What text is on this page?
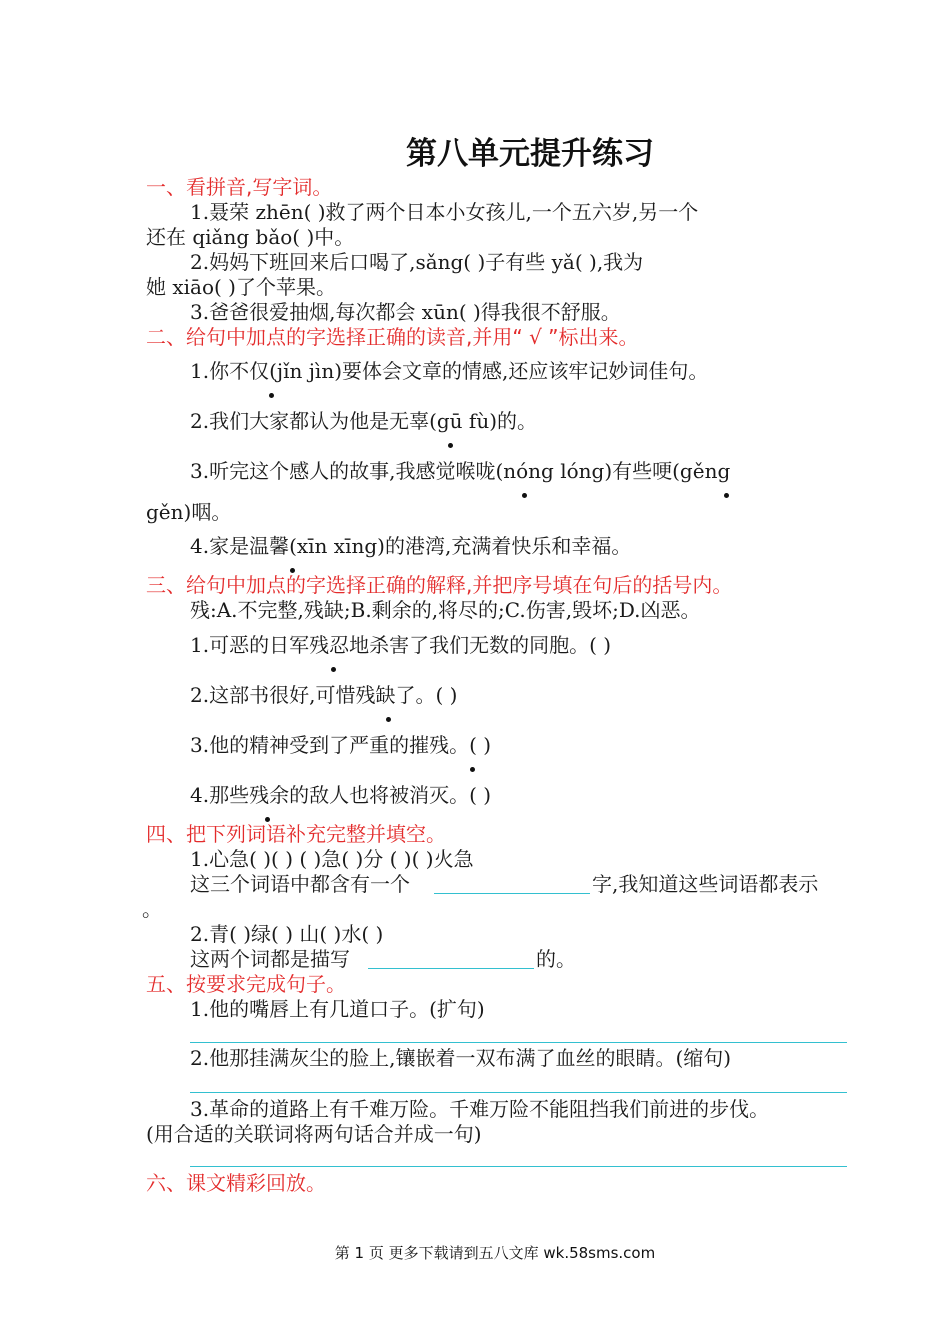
第八单元提升练习
一、看拼音,写字词。
1.聂荣 zhēn( )救了两个日本小女孩儿,一个五六岁,另一个
还在 qiǎng bǎo( )中。
2.妈妈下班回来后口喝了,sǎng( )子有些 yǎ( ),我为
她 xiāo( )了个苹果。
3.爸爸很爱抽烟,每次都会 xūn( )得我很不舒服。
二、给句中加点的字选择正确的读音,并用“ √ ”标出来。
1.你不仅(jǐn jìn)要体会文章的情感,还应该牢记妙词佳句。
2.我们大家都认为他是无辜(gū fù)的。
3.听完这个感人的故事,我感觉喉咙(nóng lóng)有些哽(gěng
gěn)咽。
4.家是温馨(xīn xīng)的港湾,充满着快乐和幸福。
三、给句中加点的字选择正确的解释,并把序号填在句后的括号内。
残:A.不完整,残缺;B.剩余的,将尽的;C.伤害,毁坏;D.凶恶。
1.可恶的日军残忍地杀害了我们无数的同胞。( )
2.这部书很好,可惜残缺了。( )
3.他的精神受到了严重的摧残。( )
4.那些残余的敌人也将被消灭。( )
四、把下列词语补充完整并填空。
1.心急( )( ) ( )急( )分 ( )( )火急
这三个词语中都含有一个	字,我知道这些词语都表示
。
2.青( )绿( ) 山( )水( )
这两个词都是描写	的。
五、按要求完成句子。
1.他的嘴唇上有几道口子。(扩句)
2.他那挂满灰尘的脸上,镶嵌着一双布满了血丝的眼睛。(缩句)
3.革命的道路上有千难万险。千难万险不能阻挡我们前进的步伐。
(用合适的关联词将两句话合并成一句)
六、课文精彩回放。
第 1 页 更多下载请到五八文库 wk.58sms.com
